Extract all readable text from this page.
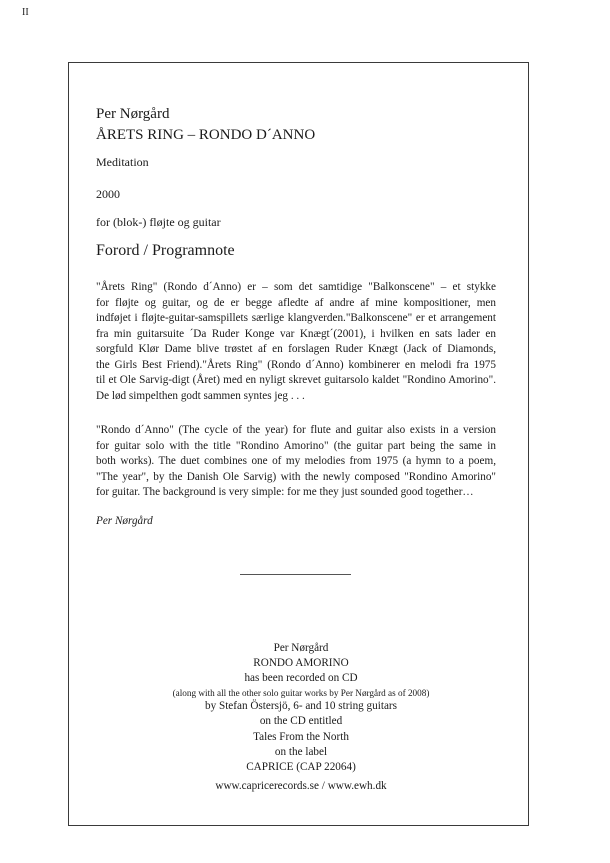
II
Per Nørgård
ÅRETS RING – RONDO D´ANNO
Meditation
2000
for (blok-) fløjte og guitar
Forord / Programnote
"Årets Ring" (Rondo d´Anno) er – som det samtidige "Balkonscene" – et stykke
for fløjte og guitar, og de er begge afledte af andre af mine kompositioner, men
indføjet i fløjte-guitar-samspillets særlige klangverden."Balkonscene" er et arrangement
fra min guitarsuite ´Da Ruder Konge var Knægt´(2001), i hvilken en sats lader en
sorgfuld Klør Dame blive trøstet af en forslagen Ruder Knægt (Jack of Diamonds,
the Girls Best Friend)."Årets Ring" (Rondo d´Anno) kombinerer en melodi fra 1975
til et Ole Sarvig-digt (Året) med en nyligt skrevet guitarsolo kaldet "Rondino Amorino".
De lød simpelthen godt sammen syntes jeg . . .
"Rondo d´Anno" (The cycle of the year) for flute and guitar also exists in a version
for guitar solo with the title "Rondino Amorino" (the guitar part being the same in
both works). The duet combines one of my melodies from 1975 (a hymn to a poem,
"The year", by the Danish Ole Sarvig) with the newly composed "Rondino Amorino"
for guitar. The background is very simple: for me they just sounded good together…
Per Nørgård
Per Nørgård
RONDO AMORINO
has been recorded on CD
(along with all the other solo guitar works by Per Nørgård as of 2008)
by Stefan Östersjö, 6- and 10 string guitars
on the CD entitled
Tales From the North
on the label
CAPRICE (CAP 22064)
www.capricerecords.se / www.ewh.dk
